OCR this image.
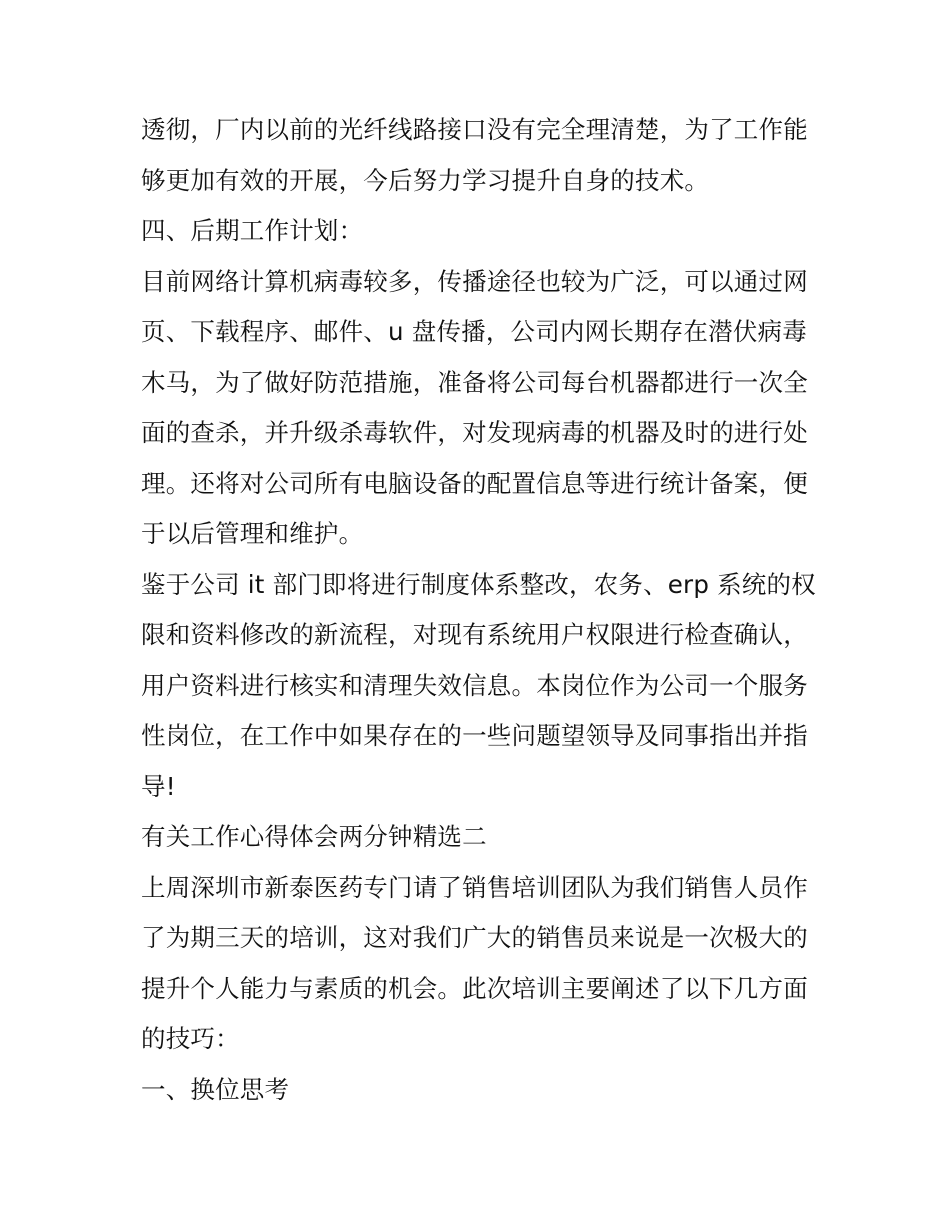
透彻，厂内以前的光纤线路接口没有完全理清楚，为了工作能
够更加有效的开展，今后努力学习提升自身的技术。
四、后期工作计划：
目前网络计算机病毒较多，传播途径也较为广泛，可以通过网
页、下载程序、邮件、u 盘传播，公司内网长期存在潜伏病毒
木马，为了做好防范措施，准备将公司每台机器都进行一次全
面的查杀，并升级杀毒软件，对发现病毒的机器及时的进行处
理。还将对公司所有电脑设备的配置信息等进行统计备案，便
于以后管理和维护。
鉴于公司 it 部门即将进行制度体系整改，农务、erp 系统的权
限和资料修改的新流程，对现有系统用户权限进行检查确认，
用户资料进行核实和清理失效信息。本岗位作为公司一个服务
性岗位，在工作中如果存在的一些问题望领导及同事指出并指
导!
有关工作心得体会两分钟精选二
上周深圳市新泰医药专门请了销售培训团队为我们销售人员作
了为期三天的培训，这对我们广大的销售员来说是一次极大的
提升个人能力与素质的机会。此次培训主要阐述了以下几方面
的技巧：
一、换位思考
